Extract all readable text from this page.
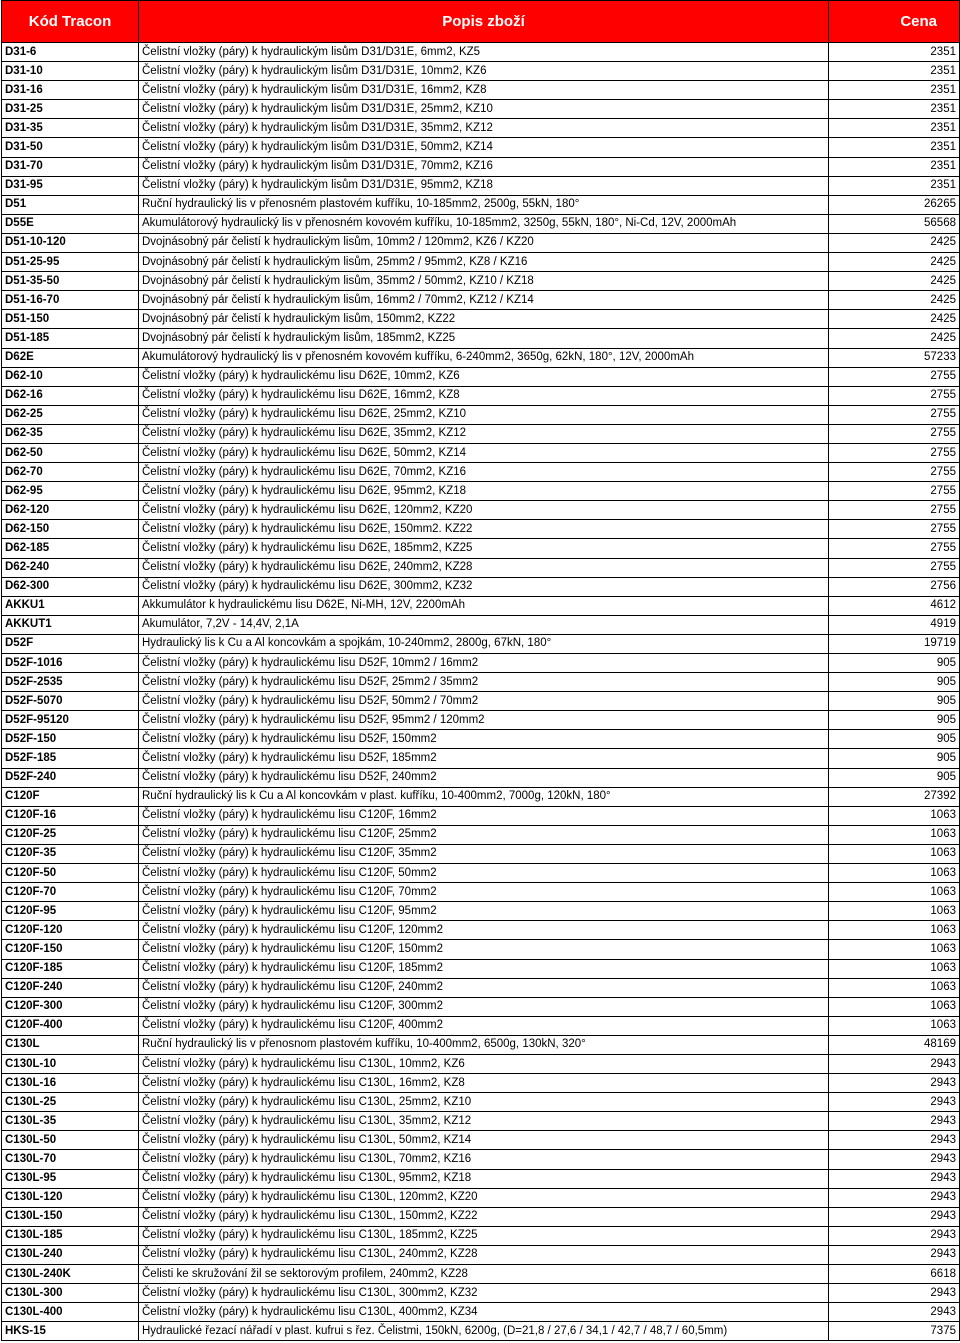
Kód Tracon	Popis zboží	Cena
D31-6	Čelistní vložky (páry) k hydraulickým lisům D31/D31E, 6mm2, KZ5	2351
D31-10	Čelistní vložky (páry) k hydraulickým lisům D31/D31E, 10mm2, KZ6	2351
D31-16	Čelistní vložky (páry) k hydraulickým lisům D31/D31E, 16mm2, KZ8	2351
D31-25	Čelistní vložky (páry) k hydraulickým lisům D31/D31E, 25mm2, KZ10	2351
D31-35	Čelistní vložky (páry) k hydraulickým lisům D31/D31E, 35mm2, KZ12	2351
D31-50	Čelistní vložky (páry) k hydraulickým lisům D31/D31E, 50mm2, KZ14	2351
D31-70	Čelistní vložky (páry) k hydraulickým lisům D31/D31E, 70mm2, KZ16	2351
D31-95	Čelistní vložky (páry) k hydraulickým lisům D31/D31E, 95mm2, KZ18	2351
D51	Ruční hydraulický lis v přenosném plastovém kufříku, 10-185mm2, 2500g, 55kN, 180°	26265
D55E	Akumulátorový hydraulický lis v přenosném kovovém kufříku, 10-185mm2, 3250g, 55kN, 180°, Ni-Cd, 12V, 2000mAh	56568
D51-10-120	Dvojnásobný pár čelistí k hydraulickým lisům, 10mm2 / 120mm2, KZ6 / KZ20	2425
D51-25-95	Dvojnásobný pár čelistí k hydraulickým lisům, 25mm2 / 95mm2, KZ8 / KZ16	2425
D51-35-50	Dvojnásobný pár čelistí k hydraulickým lisům, 35mm2 / 50mm2, KZ10 / KZ18	2425
D51-16-70	Dvojnásobný pár čelistí k hydraulickým lisům, 16mm2 / 70mm2, KZ12 / KZ14	2425
D51-150	Dvojnásobný pár čelistí k hydraulickým lisům, 150mm2, KZ22	2425
D51-185	Dvojnásobný pár čelistí k hydraulickým lisům, 185mm2, KZ25	2425
D62E	Akumulátorový hydraulický lis v přenosném kovovém kufříku, 6-240mm2, 3650g, 62kN, 180°, 12V, 2000mAh	57233
D62-10	Čelistní vložky (páry) k hydraulickému lisu D62E, 10mm2, KZ6	2755
D62-16	Čelistní vložky (páry) k hydraulickému lisu D62E, 16mm2, KZ8	2755
D62-25	Čelistní vložky (páry) k hydraulickému lisu D62E, 25mm2, KZ10	2755
D62-35	Čelistní vložky (páry) k hydraulickému lisu D62E, 35mm2, KZ12	2755
D62-50	Čelistní vložky (páry) k hydraulickému lisu D62E, 50mm2, KZ14	2755
D62-70	Čelistní vložky (páry) k hydraulickému lisu D62E, 70mm2, KZ16	2755
D62-95	Čelistní vložky (páry) k hydraulickému lisu D62E, 95mm2, KZ18	2755
D62-120	Čelistní vložky (páry) k hydraulickému lisu D62E, 120mm2, KZ20	2755
D62-150	Čelistní vložky (páry) k hydraulickému lisu D62E, 150mm2. KZ22	2755
D62-185	Čelistní vložky (páry) k hydraulickému lisu D62E, 185mm2, KZ25	2755
D62-240	Čelistní vložky (páry) k hydraulickému lisu D62E, 240mm2, KZ28	2755
D62-300	Čelistní vložky (páry) k hydraulickému lisu D62E, 300mm2, KZ32	2756
AKKU1	Akkumulátor k hydraulickému lisu D62E, Ni-MH, 12V, 2200mAh	4612
AKKUT1	Akumulátor, 7,2V - 14,4V, 2,1A	4919
D52F	Hydraulický lis k Cu a Al koncovkám a spojkám, 10-240mm2, 2800g, 67kN, 180°	19719
D52F-1016	Čelistní vložky (páry) k hydraulickému lisu D52F, 10mm2 / 16mm2	905
D52F-2535	Čelistní vložky (páry) k hydraulickému lisu D52F, 25mm2 / 35mm2	905
D52F-5070	Čelistní vložky (páry) k hydraulickému lisu D52F, 50mm2 / 70mm2	905
D52F-95120	Čelistní vložky (páry) k hydraulickému lisu D52F, 95mm2 / 120mm2	905
D52F-150	Čelistní vložky (páry) k hydraulickému lisu D52F, 150mm2	905
D52F-185	Čelistní vložky (páry) k hydraulickému lisu D52F, 185mm2	905
D52F-240	Čelistní vložky (páry) k hydraulickému lisu D52F, 240mm2	905
C120F	Ruční hydraulický lis k Cu a Al koncovkám v plast. kufříku, 10-400mm2, 7000g, 120kN, 180°	27392
C120F-16	Čelistní vložky (páry) k hydraulickému lisu C120F, 16mm2	1063
C120F-25	Čelistní vložky (páry) k hydraulickému lisu C120F, 25mm2	1063
C120F-35	Čelistní vložky (páry) k hydraulickému lisu C120F, 35mm2	1063
C120F-50	Čelistní vložky (páry) k hydraulickému lisu C120F, 50mm2	1063
C120F-70	Čelistní vložky (páry) k hydraulickému lisu C120F, 70mm2	1063
C120F-95	Čelistní vložky (páry) k hydraulickému lisu C120F, 95mm2	1063
C120F-120	Čelistní vložky (páry) k hydraulickému lisu C120F, 120mm2	1063
C120F-150	Čelistní vložky (páry) k hydraulickému lisu C120F, 150mm2	1063
C120F-185	Čelistní vložky (páry) k hydraulickému lisu C120F, 185mm2	1063
C120F-240	Čelistní vložky (páry) k hydraulickému lisu C120F, 240mm2	1063
C120F-300	Čelistní vložky (páry) k hydraulickému lisu C120F, 300mm2	1063
C120F-400	Čelistní vložky (páry) k hydraulickému lisu C120F, 400mm2	1063
C130L	Ruční hydraulický lis v přenosnom plastovém kufříku, 10-400mm2, 6500g, 130kN, 320°	48169
C130L-10	Čelistní vložky (páry) k hydraulickému lisu C130L, 10mm2, KZ6	2943
C130L-16	Čelistní vložky (páry) k hydraulickému lisu C130L, 16mm2, KZ8	2943
C130L-25	Čelistní vložky (páry) k hydraulickému lisu C130L, 25mm2, KZ10	2943
C130L-35	Čelistní vložky (páry) k hydraulickému lisu C130L, 35mm2, KZ12	2943
C130L-50	Čelistní vložky (páry) k hydraulickému lisu C130L, 50mm2, KZ14	2943
C130L-70	Čelistní vložky (páry) k hydraulickému lisu C130L, 70mm2, KZ16	2943
C130L-95	Čelistní vložky (páry) k hydraulickému lisu C130L, 95mm2, KZ18	2943
C130L-120	Čelistní vložky (páry) k hydraulickému lisu C130L, 120mm2, KZ20	2943
C130L-150	Čelistní vložky (páry) k hydraulickému lisu C130L, 150mm2, KZ22	2943
C130L-185	Čelistní vložky (páry) k hydraulickému lisu C130L, 185mm2, KZ25	2943
C130L-240	Čelistní vložky (páry) k hydraulickému lisu C130L, 240mm2, KZ28	2943
C130L-240K	Čelisti ke skružování žil se sektorovým profilem, 240mm2, KZ28	6618
C130L-300	Čelistní vložky (páry) k hydraulickému lisu C130L, 300mm2, KZ32	2943
C130L-400	Čelistní vložky (páry) k hydraulickému lisu C130L, 400mm2, KZ34	2943
HKS-15	Hydraulické řezací nářadí v plast. kufrui s řez. Čelistmi, 150kN, 6200g, (D=21,8 / 27,6 / 34,1 / 42,7 / 48,7 / 60,5mm)	7375
